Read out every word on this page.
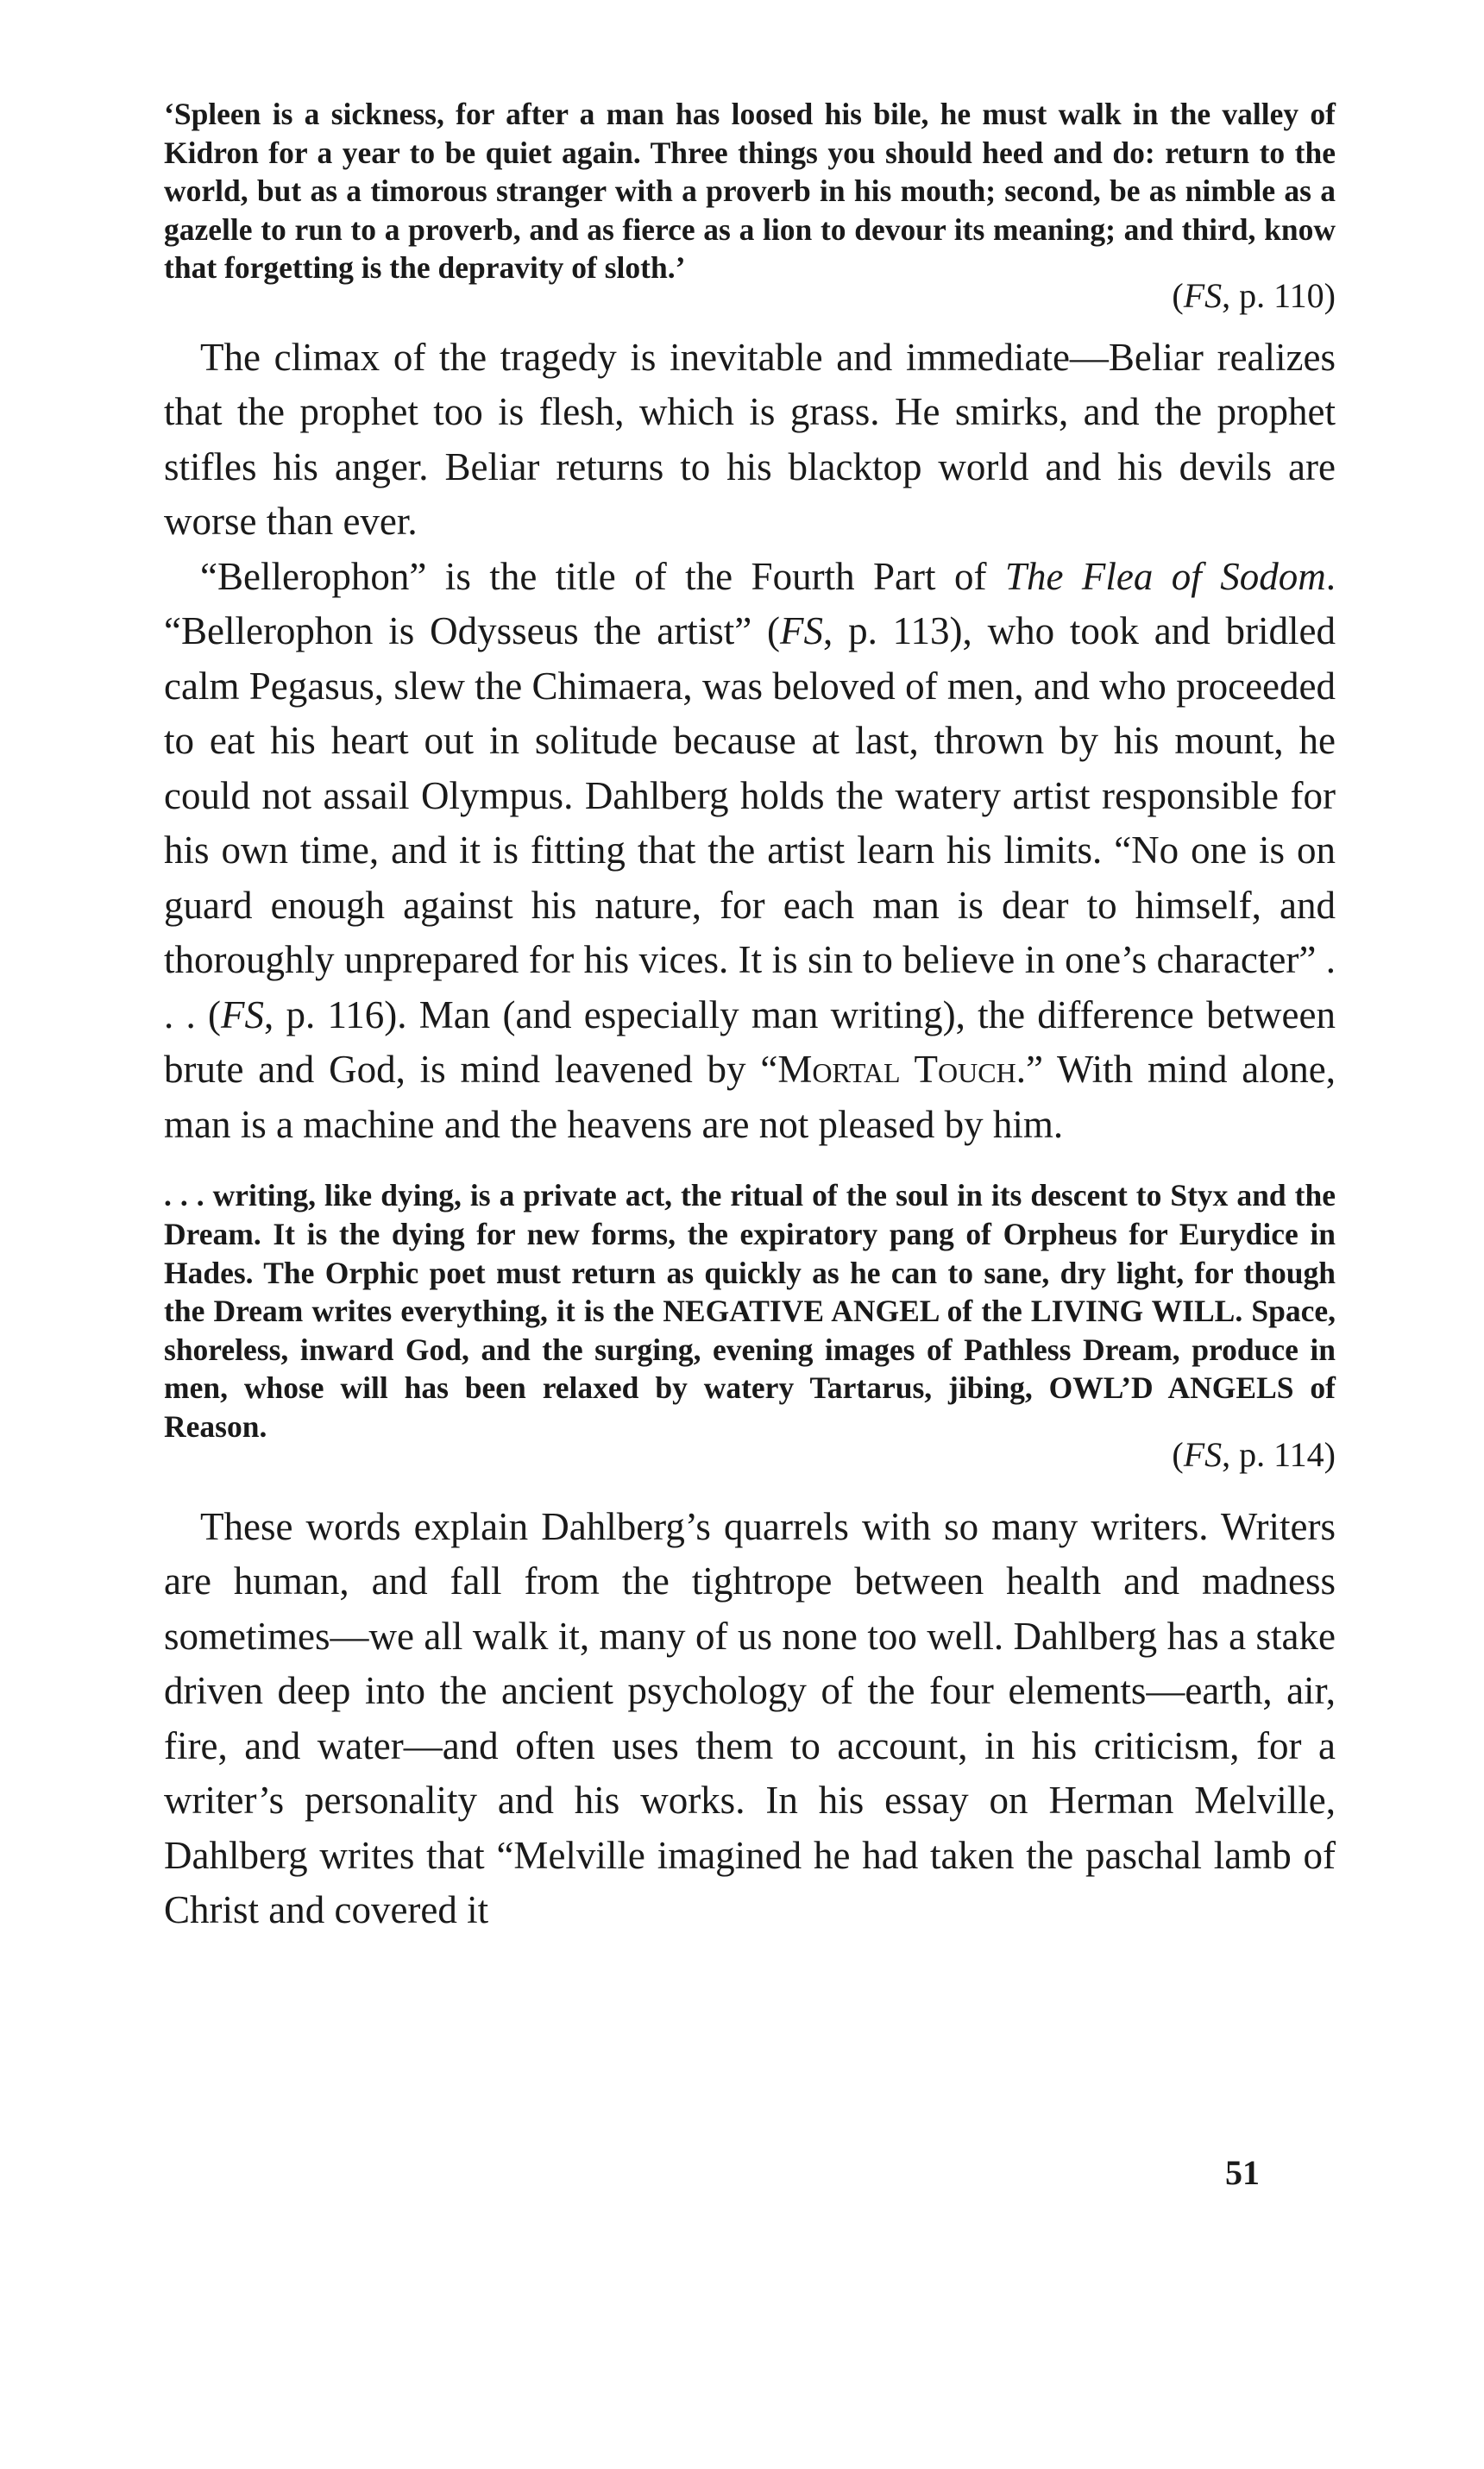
‘Spleen is a sickness, for after a man has loosed his bile, he must walk in the valley of Kidron for a year to be quiet again. Three things you should heed and do: return to the world, but as a timorous stranger with a proverb in his mouth; second, be as nimble as a gazelle to run to a proverb, and as fierce as a lion to devour its meaning; and third, know that forgetting is the depravity of sloth.’

(FS, p. 110)

The climax of the tragedy is inevitable and immediate—Beliar realizes that the prophet too is flesh, which is grass. He smirks, and the prophet stifles his anger. Beliar returns to his blacktop world and his devils are worse than ever.

“Bellerophon” is the title of the Fourth Part of The Flea of Sodom. “Bellerophon is Odysseus the artist” (FS, p. 113), who took and bridled calm Pegasus, slew the Chimaera, was beloved of men, and who proceeded to eat his heart out in solitude because at last, thrown by his mount, he could not assail Olympus. Dahlberg holds the watery artist responsible for his own time, and it is fitting that the artist learn his limits. “No one is on guard enough against his nature, for each man is dear to himself, and thoroughly unprepared for his vices. It is sin to believe in one’s character” . . . (FS, p. 116). Man (and especially man writing), the difference between brute and God, is mind leavened by “Mortal Touch.” With mind alone, man is a machine and the heavens are not pleased by him.

. . . writing, like dying, is a private act, the ritual of the soul in its descent to Styx and the Dream. It is the dying for new forms, the expiratory pang of Orpheus for Eurydice in Hades. The Orphic poet must return as quickly as he can to sane, dry light, for though the Dream writes everything, it is the NEGATIVE ANGEL of the LIVING WILL. Space, shoreless, inward God, and the surging, evening images of Pathless Dream, produce in men, whose will has been relaxed by watery Tartarus, jibing, OWL’D ANGELS of Reason.

(FS, p. 114)

These words explain Dahlberg’s quarrels with so many writers. Writers are human, and fall from the tightrope between health and madness sometimes—we all walk it, many of us none too well. Dahlberg has a stake driven deep into the ancient psychology of the four elements—earth, air, fire, and water—and often uses them to account, in his criticism, for a writer’s personality and his works. In his essay on Herman Melville, Dahlberg writes that “Melville imagined he had taken the paschal lamb of Christ and covered it

51
